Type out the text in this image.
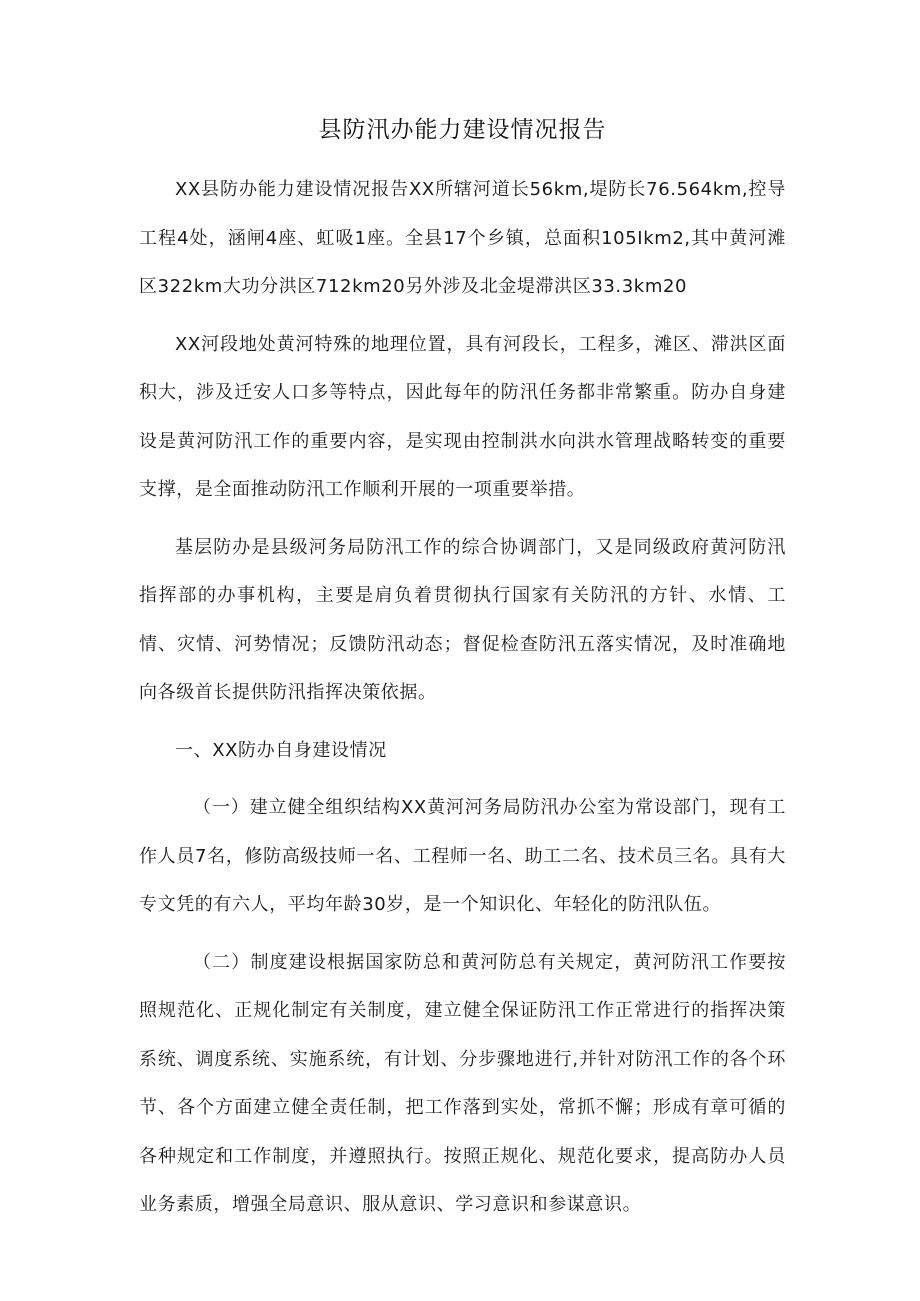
县防汛办能力建设情况报告

XX县防办能力建设情况报告XX所辖河道长56km,堤防长76.564km,控导工程4处，涵闸4座、虹吸1座。全县17个乡镇，总面积105Ikm2,其中黄河滩区322km大功分洪区712km20另外涉及北金堤滞洪区33.3km20

XX河段地处黄河特殊的地理位置，具有河段长，工程多，滩区、滞洪区面积大，涉及迁安人口多等特点，因此每年的防汛任务都非常繁重。防办自身建设是黄河防汛工作的重要内容，是实现由控制洪水向洪水管理战略转变的重要支撑，是全面推动防汛工作顺利开展的一项重要举措。

基层防办是县级河务局防汛工作的综合协调部门，又是同级政府黄河防汛指挥部的办事机构，主要是肩负着贯彻执行国家有关防汛的方针、水情、工情、灾情、河势情况；反馈防汛动态；督促检查防汛五落实情况，及时准确地向各级首长提供防汛指挥决策依据。

一、XX防办自身建设情况

（一）建立健全组织结构XX黄河河务局防汛办公室为常设部门，现有工作人员7名，修防高级技师一名、工程师一名、助工二名、技术员三名。具有大专文凭的有六人，平均年龄30岁，是一个知识化、年轻化的防汛队伍。

（二）制度建设根据国家防总和黄河防总有关规定，黄河防汛工作要按照规范化、正规化制定有关制度，建立健全保证防汛工作正常进行的指挥决策系统、调度系统、实施系统，有计划、分步骤地进行,并针对防汛工作的各个环节、各个方面建立健全责任制，把工作落到实处，常抓不懈；形成有章可循的各种规定和工作制度，并遵照执行。按照正规化、规范化要求，提高防办人员业务素质，增强全局意识、服从意识、学习意识和参谋意识。
